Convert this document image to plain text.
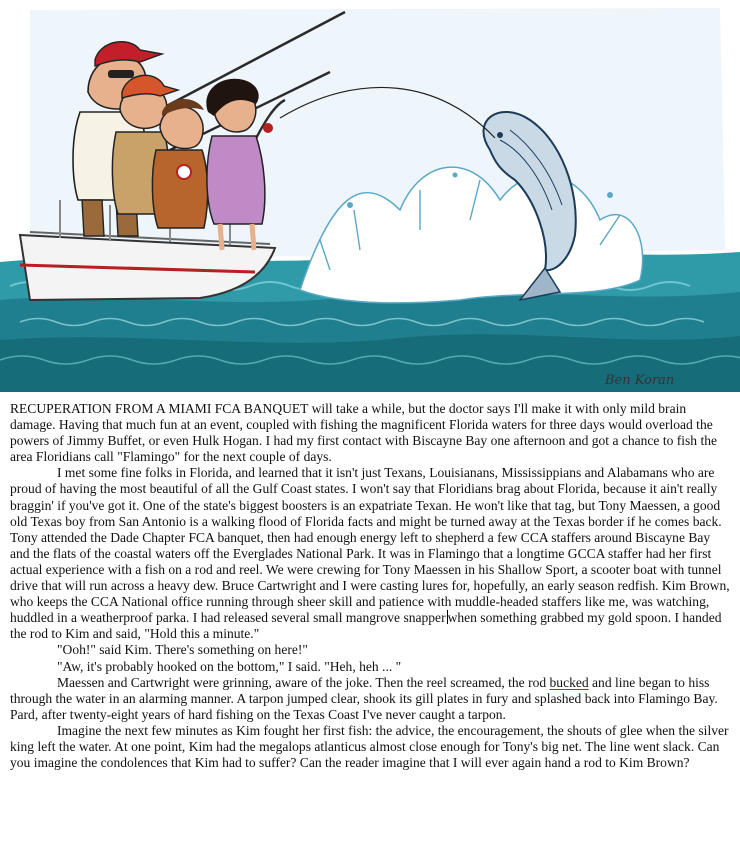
Ben Koran

RECUPERATION FROM A MIAMI FCA BANQUET will take a while, but the doctor says I'll make it with only mild brain damage. Having that much fun at an event, coupled with fishing the magnificent Florida waters for three days would overload the powers of Jimmy Buffet, or even Hulk Hogan. I had my first contact with Biscayne Bay one afternoon and got a chance to fish the area Floridians call "Flamingo" for the next couple of days.

I met some fine folks in Florida, and learned that it isn't just Texans, Louisianans, Mississippians and Alabamans who are proud of having the most beautiful of all the Gulf Coast states. I won't say that Floridians brag about Florida, because it ain't really braggin' if you've got it. One of the state's biggest boosters is an expatriate Texan. He won't like that tag, but Tony Maessen, a good old Texas boy from San Antonio is a walking flood of Florida facts and might be turned away at the Texas border if he comes back. Tony attended the Dade Chapter FCA banquet, then had enough energy left to shepherd a few CCA staffers around Biscayne Bay and the flats of the coastal waters off the Everglades National Park. It was in Flamingo that a longtime GCCA staffer had her first actual experience with a fish on a rod and reel. We were crewing for Tony Maessen in his Shallow Sport, a scooter boat with tunnel drive that will run across a heavy dew. Bruce Cartwright and I were casting lures for, hopefully, an early season redfish. Kim Brown, who keeps the CCA National office running through sheer skill and patience with muddle-headed staffers like me, was watching, huddled in a weatherproof parka. I had released several small mangrove snapper when something grabbed my gold spoon. I handed the rod to Kim and said, "Hold this a minute."

"Ooh!" said Kim. There's something on here!"

"Aw, it's probably hooked on the bottom," I said. "Heh, heh ... "

Maessen and Cartwright were grinning, aware of the joke. Then the reel screamed, the rod bucked and line began to hiss through the water in an alarming manner. A tarpon jumped clear, shook its gill plates in fury and splashed back into Flamingo Bay. Pard, after twenty-eight years of hard fishing on the Texas Coast I've never caught a tarpon.

Imagine the next few minutes as Kim fought her first fish: the advice, the encouragement, the shouts of glee when the silver king left the water. At one point, Kim had the megalops atlanticus almost close enough for Tony's big net. The line went slack. Can you imagine the condolences that Kim had to suffer? Can the reader imagine that I will ever again hand a rod to Kim Brown?
